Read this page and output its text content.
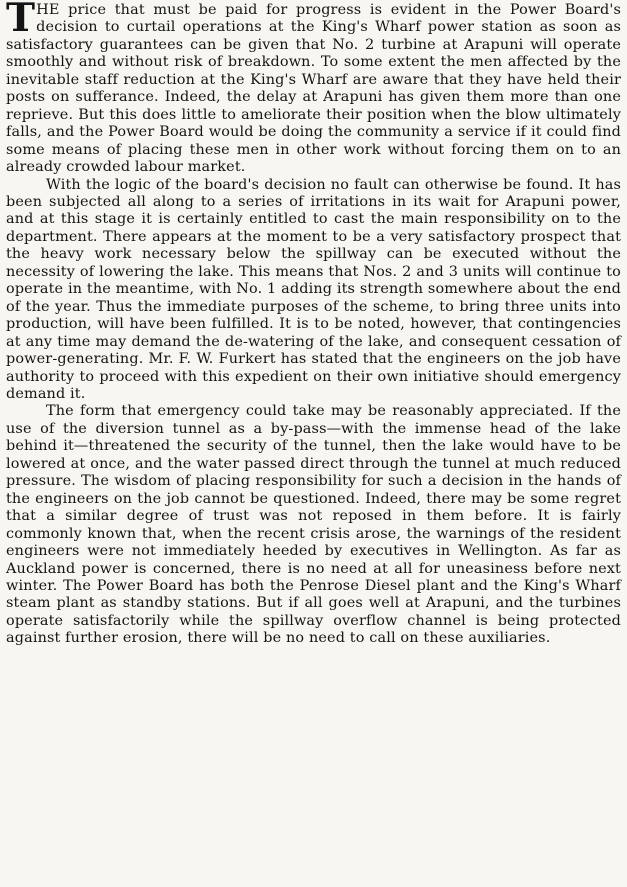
THE price that must be paid for progress is evident in the Power Board's decision to curtail operations at the King's Wharf power station as soon as satisfactory guarantees can be given that No. 2 turbine at Arapuni will operate smoothly and without risk of breakdown. To some extent the men affected by the inevitable staff reduction at the King's Wharf are aware that they have held their posts on sufferance. Indeed, the delay at Arapuni has given them more than one reprieve. But this does little to ameliorate their position when the blow ultimately falls, and the Power Board would be doing the community a service if it could find some means of placing these men in other work without forcing them on to an already crowded labour market.

With the logic of the board's decision no fault can otherwise be found. It has been subjected all along to a series of irritations in its wait for Arapuni power, and at this stage it is certainly entitled to cast the main responsibility on to the department. There appears at the moment to be a very satisfactory prospect that the heavy work necessary below the spillway can be executed without the necessity of lowering the lake. This means that Nos. 2 and 3 units will continue to operate in the meantime, with No. 1 adding its strength somewhere about the end of the year. Thus the immediate purposes of the scheme, to bring three units into production, will have been fulfilled. It is to be noted, however, that contingencies at any time may demand the de-watering of the lake, and consequent cessation of power-generating. Mr. F. W. Furkert has stated that the engineers on the job have authority to proceed with this expedient on their own initiative should emergency demand it.

The form that emergency could take may be reasonably appreciated. If the use of the diversion tunnel as a by-pass—with the immense head of the lake behind it—threatened the security of the tunnel, then the lake would have to be lowered at once, and the water passed direct through the tunnel at much reduced pressure. The wisdom of placing responsibility for such a decision in the hands of the engineers on the job cannot be questioned. Indeed, there may be some regret that a similar degree of trust was not reposed in them before. It is fairly commonly known that, when the recent crisis arose, the warnings of the resident engineers were not immediately heeded by executives in Wellington. As far as Auckland power is concerned, there is no need at all for uneasiness before next winter. The Power Board has both the Penrose Diesel plant and the King's Wharf steam plant as standby stations. But if all goes well at Arapuni, and the turbines operate satisfactorily while the spillway overflow channel is being protected against further erosion, there will be no need to call on these auxiliaries.
